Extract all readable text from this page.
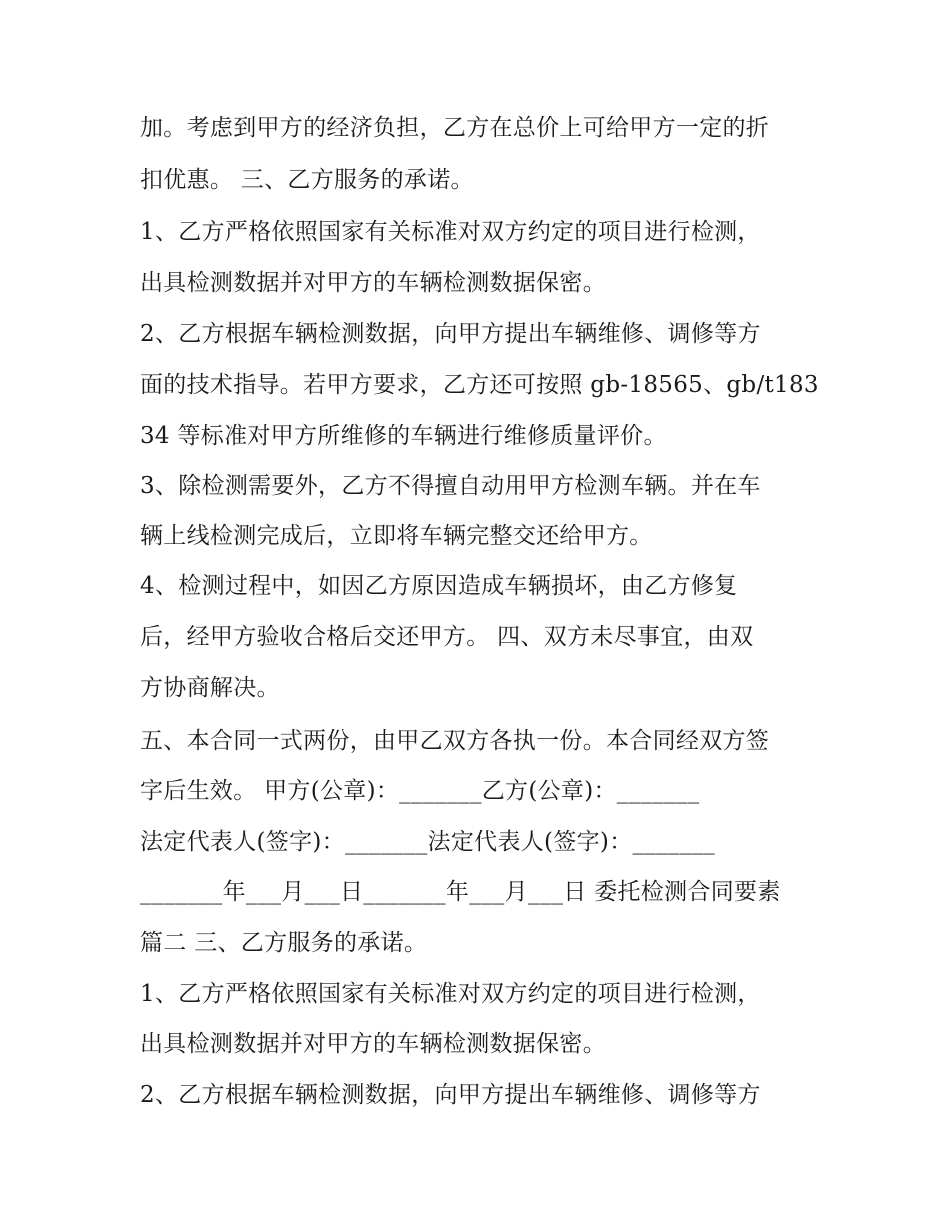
加。考虑到甲方的经济负担，乙方在总价上可给甲方一定的折
扣优惠。 三、乙方服务的承诺。
1、乙方严格依照国家有关标准对双方约定的项目进行检测，
出具检测数据并对甲方的车辆检测数据保密。
2、乙方根据车辆检测数据，向甲方提出车辆维修、调修等方
面的技术指导。若甲方要求，乙方还可按照 gb-18565、gb/t183
34 等标准对甲方所维修的车辆进行维修质量评价。
3、除检测需要外，乙方不得擅自动用甲方检测车辆。并在车
辆上线检测完成后，立即将车辆完整交还给甲方。
4、检测过程中，如因乙方原因造成车辆损坏，由乙方修复
后，经甲方验收合格后交还甲方。 四、双方未尽事宜，由双
方协商解决。
五、本合同一式两份，由甲乙双方各执一份。本合同经双方签
字后生效。 甲方(公章)：_______乙方(公章)：_______
法定代表人(签字)：_______法定代表人(签字)：_______
_______年___月___日_______年___月___日 委托检测合同要素
篇二 三、乙方服务的承诺。
1、乙方严格依照国家有关标准对双方约定的项目进行检测，
出具检测数据并对甲方的车辆检测数据保密。
2、乙方根据车辆检测数据，向甲方提出车辆维修、调修等方
